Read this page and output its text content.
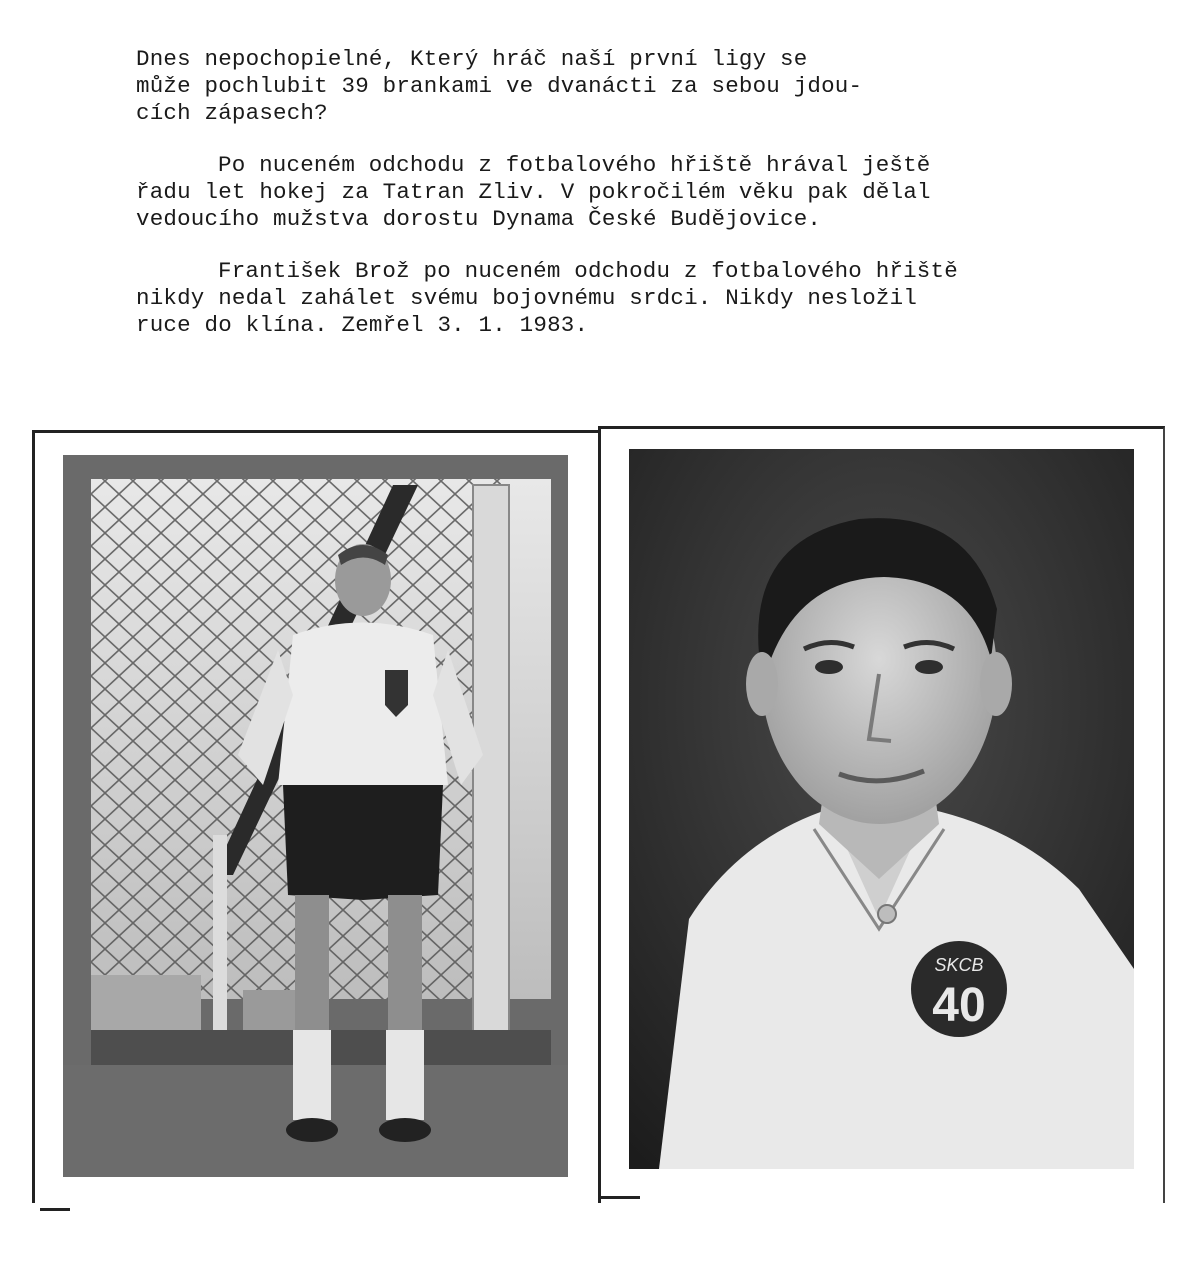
Dnes nepochopielné, Který hráč naší první ligy se
může pochlubit 39 brankami ve dvanácti za sebou jdou-
cích zápasech?

Po nuceném odchodu z fotbalového hřiště hrával ještě
řadu let hokej za Tatran Zliv. V pokročilém věku pak dělal
vedoucího mužstva dorostu Dynama České Budějovice.

František Brož po nuceném odchodu z fotbalového hřiště
nikdy nedal zahálet svému bojovnému srdci. Nikdy nesložil
ruce do klína. Zemřel 3. 1. 1983.

SKCB
40
